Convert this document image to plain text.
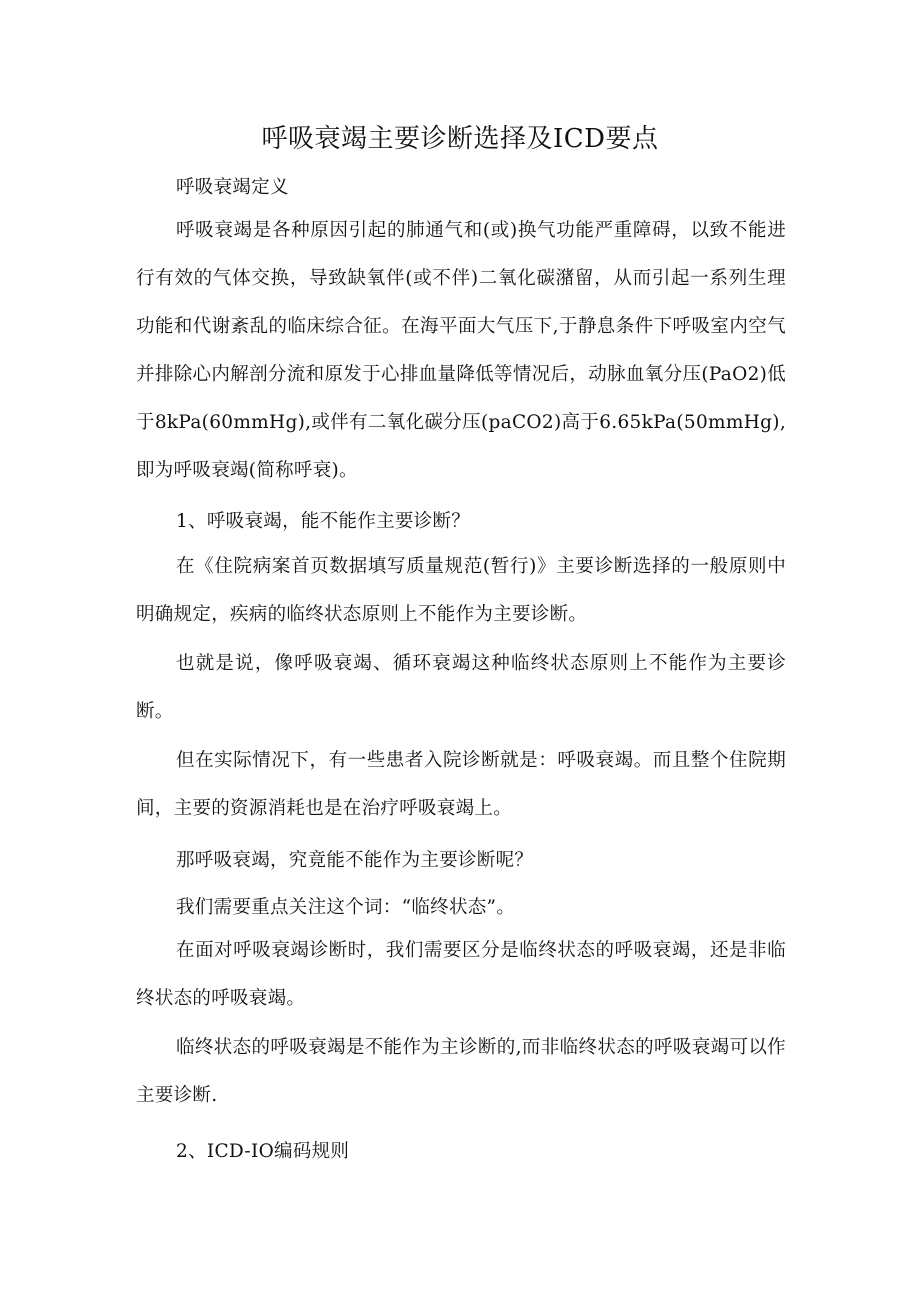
呼吸衰竭主要诊断选择及ICD要点
呼吸衰竭定义
呼吸衰竭是各种原因引起的肺通气和(或)换气功能严重障碍，以致不能进行有效的气体交换，导致缺氧伴(或不伴)二氧化碳潴留，从而引起一系列生理功能和代谢紊乱的临床综合征。在海平面大气压下,于静息条件下呼吸室内空气并排除心内解剖分流和原发于心排血量降低等情况后，动脉血氧分压(PaO2)低于8kPa(60mmHg),或伴有二氧化碳分压(paCO2)高于6.65kPa(50mmHg),即为呼吸衰竭(简称呼衰)。
1、呼吸衰竭，能不能作主要诊断？
在《住院病案首页数据填写质量规范(暂行)》主要诊断选择的一般原则中明确规定，疾病的临终状态原则上不能作为主要诊断。
也就是说，像呼吸衰竭、循环衰竭这种临终状态原则上不能作为主要诊断。
但在实际情况下，有一些患者入院诊断就是：呼吸衰竭。而且整个住院期间，主要的资源消耗也是在治疗呼吸衰竭上。
那呼吸衰竭，究竟能不能作为主要诊断呢？
我们需要重点关注这个词：“临终状态”。
在面对呼吸衰竭诊断时，我们需要区分是临终状态的呼吸衰竭，还是非临终状态的呼吸衰竭。
临终状态的呼吸衰竭是不能作为主诊断的,而非临终状态的呼吸衰竭可以作主要诊断.
2、ICD-IO编码规则
